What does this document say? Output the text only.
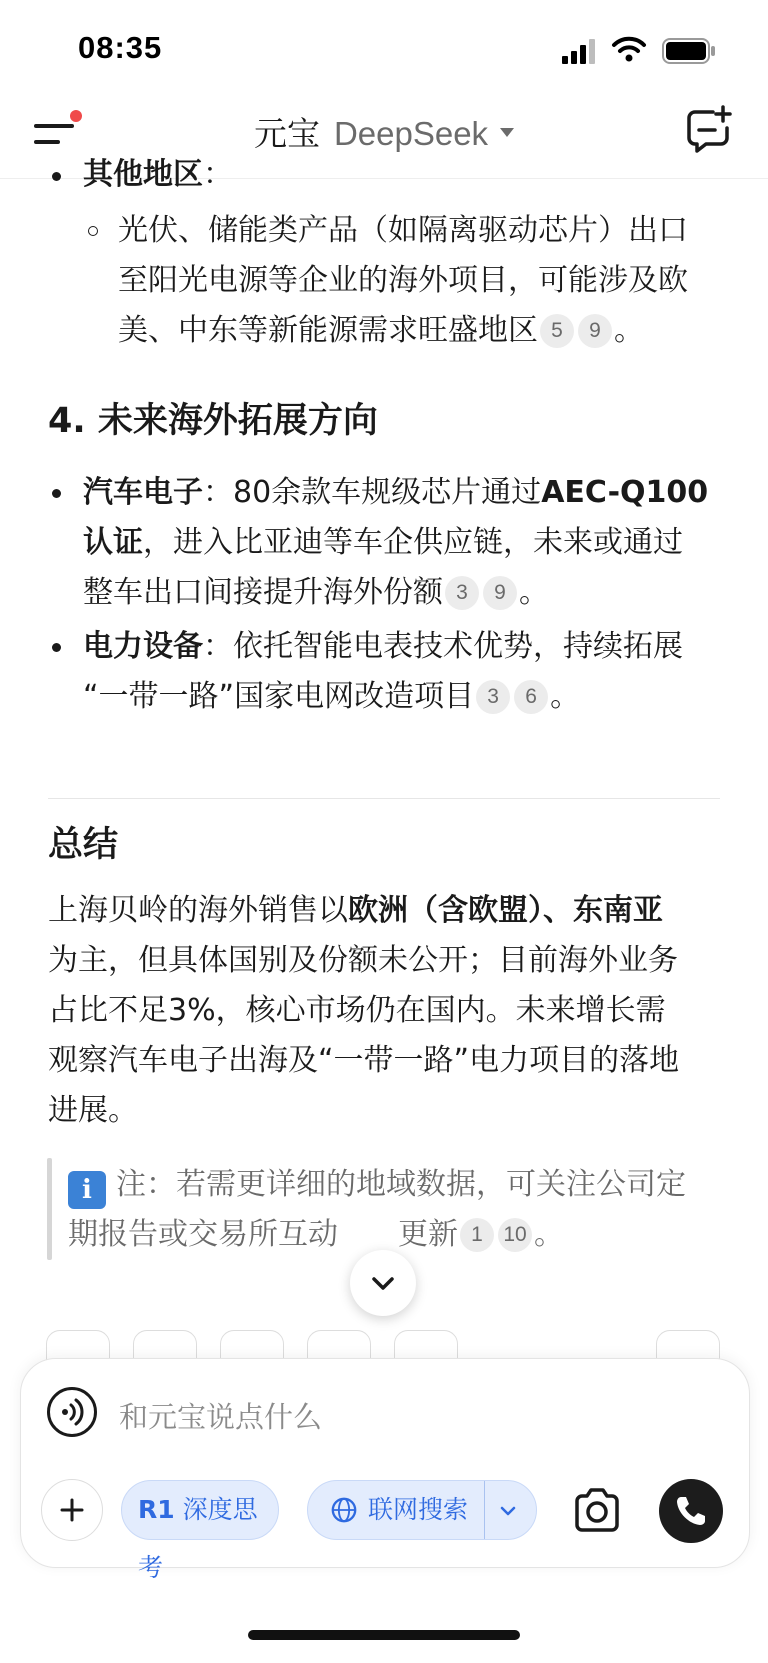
08:35
元宝 DeepSeek
其他地区：
光伏、储能类产品（如隔离驱动芯片）出口
至阳光电源等企业的海外项目，可能涉及欧
美、中东等新能源需求旺盛地区 5 9 。
4. 未来海外拓展方向
汽车电子：80余款车规级芯片通过AEC-Q100
认证，进入比亚迪等车企供应链，未来或通过
整车出口间接提升海外份额 3 9 。
电力设备：依托智能电表技术优势，持续拓展
“一带一路”国家电网改造项目 3 6 。
总结
上海贝岭的海外销售以欧洲（含欧盟）、东南亚
为主，但具体国别及份额未公开；目前海外业务
占比不足3%，核心市场仍在国内。未来增长需
观察汽车电子出海及“一带一路”电力项目的落地
进展。
i 注：若需更详细的地域数据，可关注公司定
期报告或交易所互动 更新 1 10 。
和元宝说点什么
R1 深度思考
联网搜索
